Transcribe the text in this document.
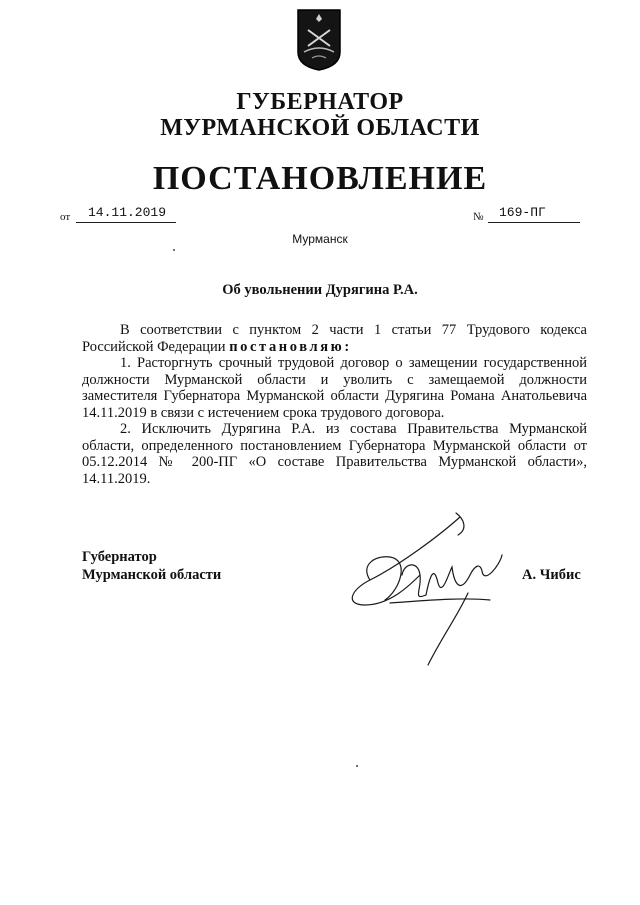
ГУБЕРНАТОР
МУРМАНСКОЙ ОБЛАСТИ
ПОСТАНОВЛЕНИЕ
от 14.11.2019	№ 169-ПГ
Мурманск
Об увольнении Дурягина Р.А.

В соответствии с пунктом 2 части 1 статьи 77 Трудового кодекса Российской Федерации постановляю:

1. Расторгнуть срочный трудовой договор о замещении государственной должности Мурманской области и уволить с замещаемой должности заместителя Губернатора Мурманской области Дурягина Романа Анатольевича 14.11.2019 в связи с истечением срока трудового договора.

2. Исключить Дурягина Р.А. из состава Правительства Мурманской области, определенного постановлением Губернатора Мурманской области от 05.12.2014 № 200-ПГ «О составе Правительства Мурманской области», 14.11.2019.

Губернатор
Мурманской области	А. Чибис
